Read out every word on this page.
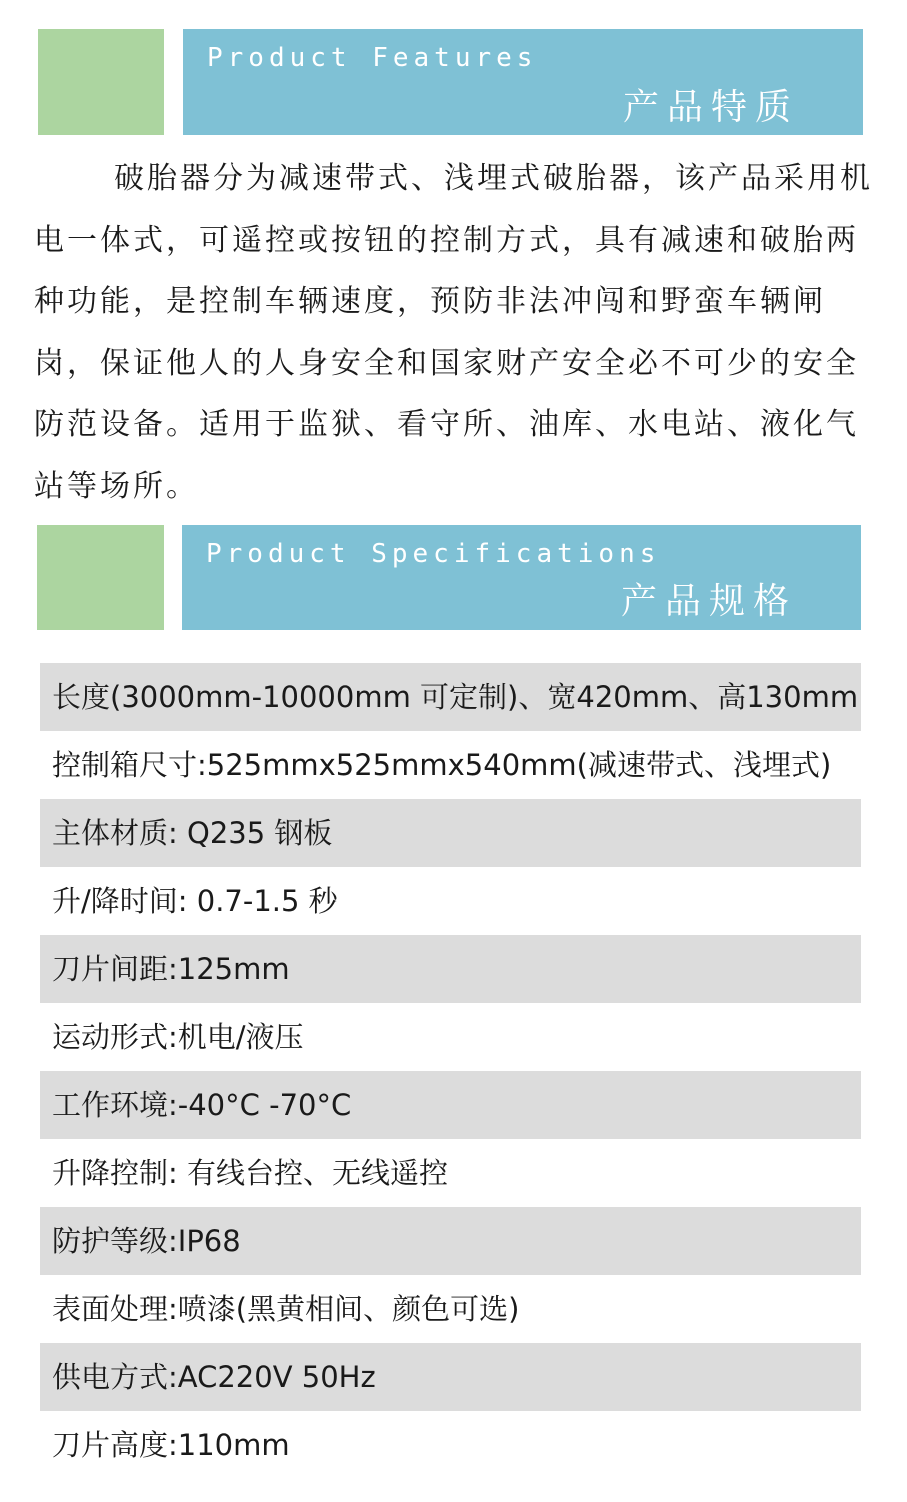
Product Features
产品特质

破胎器分为减速带式、浅埋式破胎器，该产品采用机电一体式，可遥控或按钮的控制方式，具有减速和破胎两种功能，是控制车辆速度，预防非法冲闯和野蛮车辆闸岗，保证他人的人身安全和国家财产安全必不可少的安全防范设备。适用于监狱、看守所、油库、水电站、液化气站等场所。

Product Specifications
产品规格
长度(3000mm-10000mm 可定制)、宽420mm、高130mm
控制箱尺寸:525mmx525mmx540mm(减速带式、浅埋式)
主体材质: Q235 钢板
升/降时间: 0.7-1.5 秒
刀片间距:125mm
运动形式:机电/液压
工作环境:-40°C -70°C
升降控制: 有线台控、无线遥控
防护等级:IP68
表面处理:喷漆(黑黄相间、颜色可选)
供电方式:AC220V 50Hz
刀片高度:110mm
